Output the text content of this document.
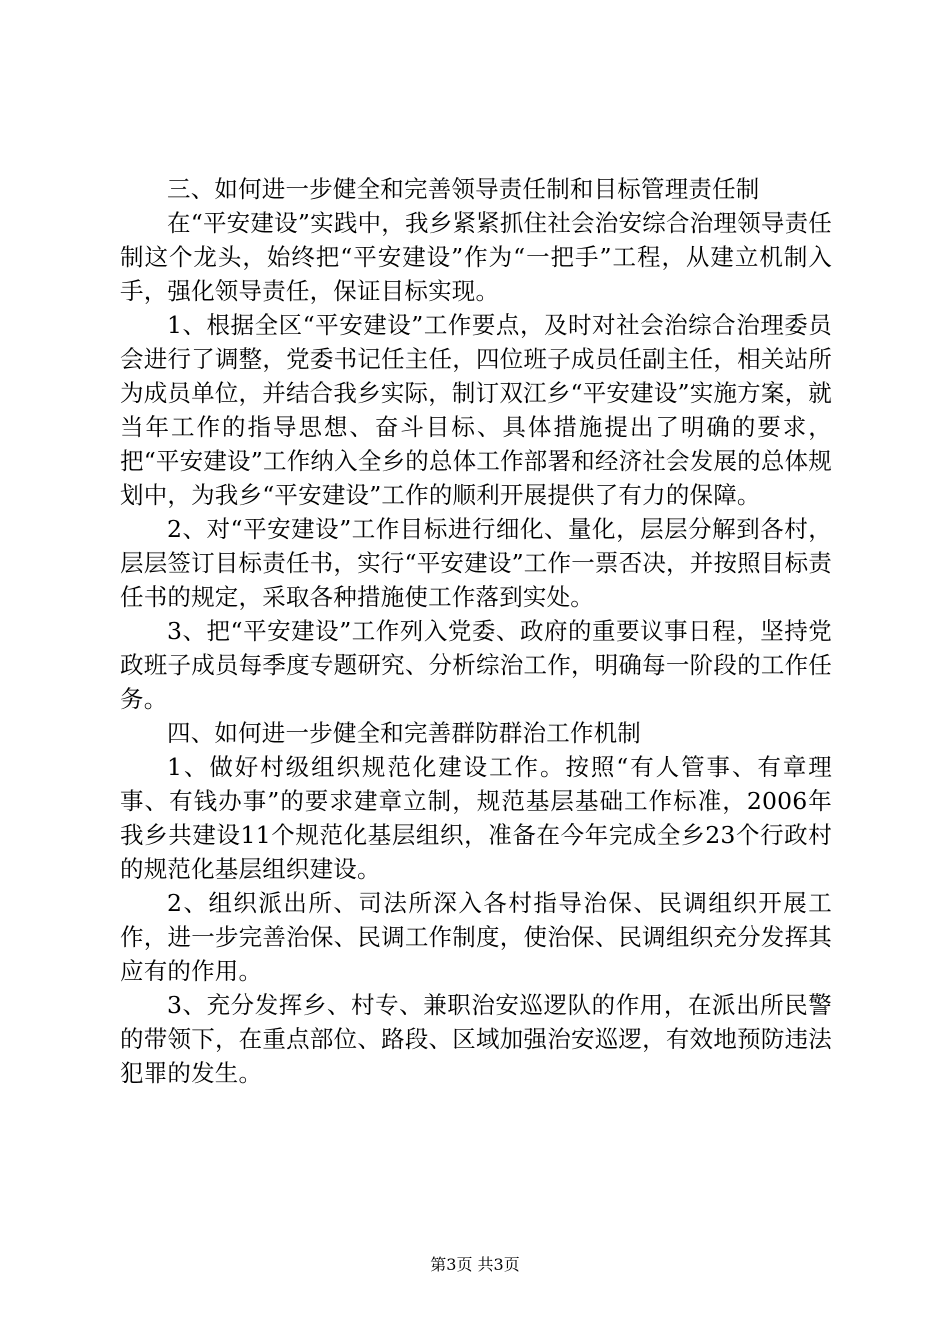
三、如何进一步健全和完善领导责任制和目标管理责任制

在“平安建设”实践中，我乡紧紧抓住社会治安综合治理领导责任制这个龙头，始终把“平安建设”作为“一把手”工程，从建立机制入手，强化领导责任，保证目标实现。

1、根据全区“平安建设”工作要点，及时对社会治综合治理委员会进行了调整，党委书记任主任，四位班子成员任副主任，相关站所为成员单位，并结合我乡实际，制订双江乡“平安建设”实施方案，就当年工作的指导思想、奋斗目标、具体措施提出了明确的要求，把“平安建设”工作纳入全乡的总体工作部署和经济社会发展的总体规划中，为我乡“平安建设”工作的顺利开展提供了有力的保障。

2、对“平安建设”工作目标进行细化、量化，层层分解到各村，层层签订目标责任书，实行“平安建设”工作一票否决，并按照目标责任书的规定，采取各种措施使工作落到实处。

3、把“平安建设”工作列入党委、政府的重要议事日程，坚持党政班子成员每季度专题研究、分析综治工作，明确每一阶段的工作任务。

四、如何进一步健全和完善群防群治工作机制

1、做好村级组织规范化建设工作。按照“有人管事、有章理事、有钱办事”的要求建章立制，规范基层基础工作标准，2006年我乡共建设11个规范化基层组织，准备在今年完成全乡23个行政村的规范化基层组织建设。

2、组织派出所、司法所深入各村指导治保、民调组织开展工作，进一步完善治保、民调工作制度，使治保、民调组织充分发挥其应有的作用。

3、充分发挥乡、村专、兼职治安巡逻队的作用，在派出所民警的带领下，在重点部位、路段、区域加强治安巡逻，有效地预防违法犯罪的发生。

第3页 共3页
